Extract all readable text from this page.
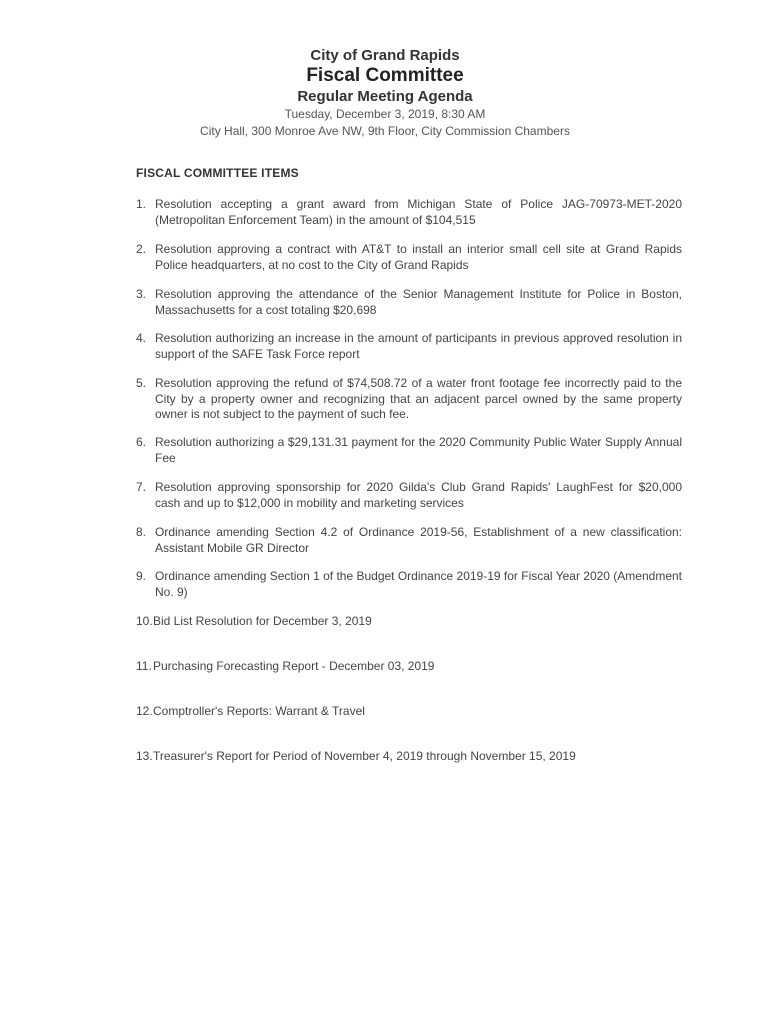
City of Grand Rapids
Fiscal Committee
Regular Meeting Agenda
Tuesday, December 3, 2019, 8:30 AM
City Hall, 300 Monroe Ave NW, 9th Floor, City Commission Chambers
FISCAL COMMITTEE ITEMS
1. Resolution accepting a grant award from Michigan State of Police JAG-70973-MET-2020 (Metropolitan Enforcement Team) in the amount of $104,515
2. Resolution approving a contract with AT&T to install an interior small cell site at Grand Rapids Police headquarters, at no cost to the City of Grand Rapids
3. Resolution approving the attendance of the Senior Management Institute for Police in Boston, Massachusetts for a cost totaling $20,698
4. Resolution authorizing an increase in the amount of participants in previous approved resolution in support of the SAFE Task Force report
5. Resolution approving the refund of $74,508.72 of a water front footage fee incorrectly paid to the City by a property owner and recognizing that an adjacent parcel owned by the same property owner is not subject to the payment of such fee.
6. Resolution authorizing a $29,131.31 payment for the 2020 Community Public Water Supply Annual Fee
7. Resolution approving sponsorship for 2020 Gilda's Club Grand Rapids' LaughFest for $20,000 cash and up to $12,000 in mobility and marketing services
8. Ordinance amending Section 4.2 of Ordinance 2019-56, Establishment of a new classification: Assistant Mobile GR Director
9. Ordinance amending Section 1 of the Budget Ordinance 2019-19 for Fiscal Year 2020 (Amendment No. 9)
10. Bid List Resolution for December 3, 2019
11. Purchasing Forecasting Report - December 03, 2019
12. Comptroller's Reports: Warrant & Travel
13. Treasurer's Report for Period of November 4, 2019 through November 15, 2019
